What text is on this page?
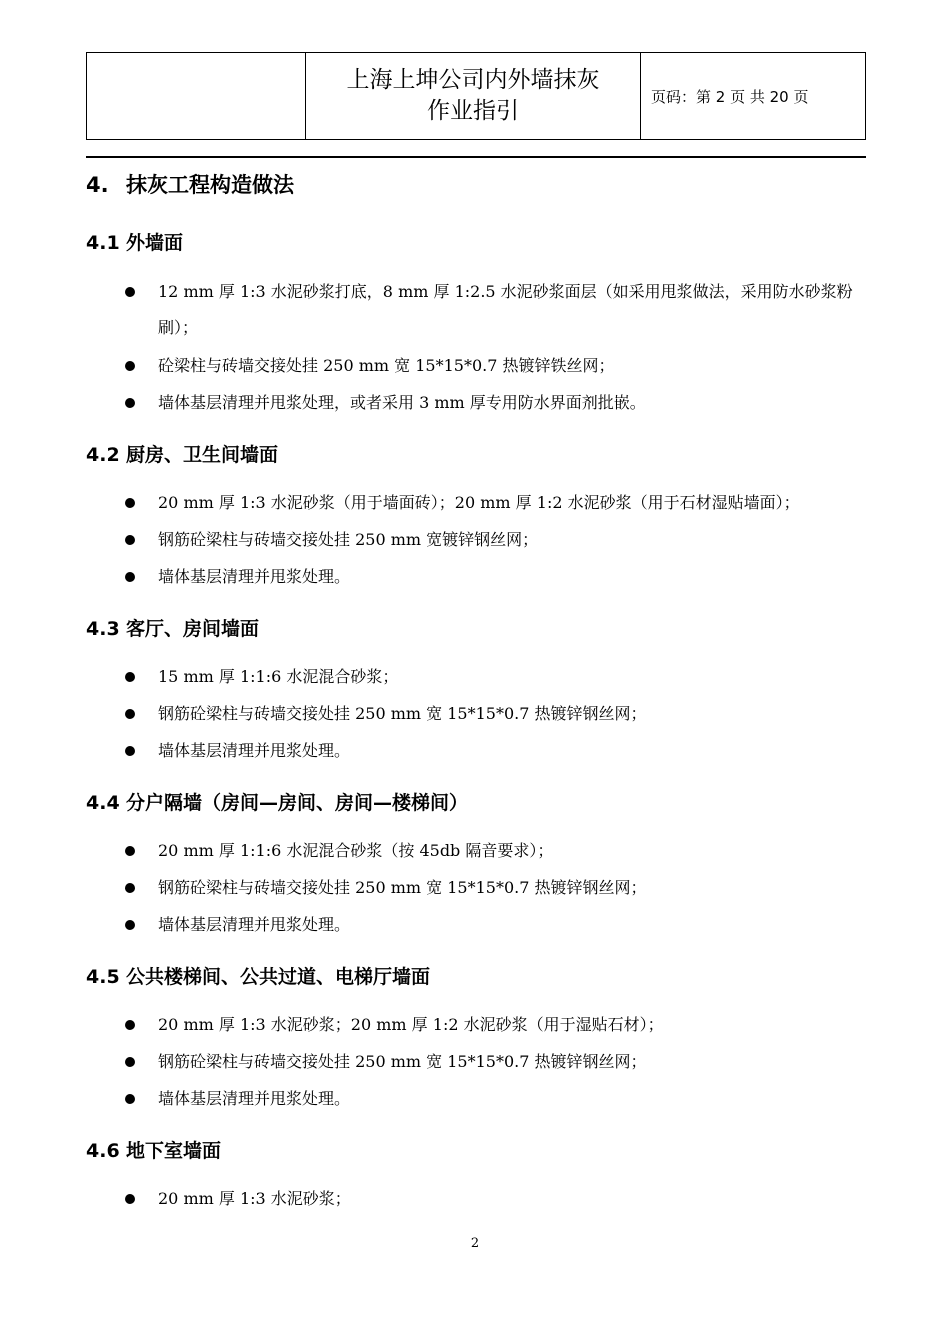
上海上坤公司内外墙抹灰
作业指引
页码：第 2 页 共 20 页
4. 抹灰工程构造做法
4.1 外墙面
12 mm 厚 1:3 水泥砂浆打底，8 mm 厚 1:2.5 水泥砂浆面层（如采用甩浆做法，采用防水砂浆粉刷）；
砼梁柱与砖墙交接处挂 250 mm 宽 15*15*0.7 热镀锌铁丝网；
墙体基层清理并甩浆处理，或者采用 3 mm 厚专用防水界面剂批嵌。
4.2 厨房、卫生间墙面
20 mm 厚 1:3 水泥砂浆（用于墙面砖）；20 mm 厚 1:2 水泥砂浆（用于石材湿贴墙面）；
钢筋砼梁柱与砖墙交接处挂 250 mm 宽镀锌钢丝网；
墙体基层清理并甩浆处理。
4.3 客厅、房间墙面
15 mm 厚 1:1:6 水泥混合砂浆；
钢筋砼梁柱与砖墙交接处挂 250 mm 宽 15*15*0.7 热镀锌钢丝网；
墙体基层清理并甩浆处理。
4.4 分户隔墙（房间—房间、房间—楼梯间）
20 mm 厚 1:1:6 水泥混合砂浆（按 45db 隔音要求）；
钢筋砼梁柱与砖墙交接处挂 250 mm 宽 15*15*0.7 热镀锌钢丝网；
墙体基层清理并甩浆处理。
4.5 公共楼梯间、公共过道、电梯厅墙面
20 mm 厚 1:3 水泥砂浆；20 mm 厚 1:2 水泥砂浆（用于湿贴石材）；
钢筋砼梁柱与砖墙交接处挂 250 mm 宽 15*15*0.7 热镀锌钢丝网；
墙体基层清理并甩浆处理。
4.6 地下室墙面
20 mm 厚 1:3 水泥砂浆；
2
